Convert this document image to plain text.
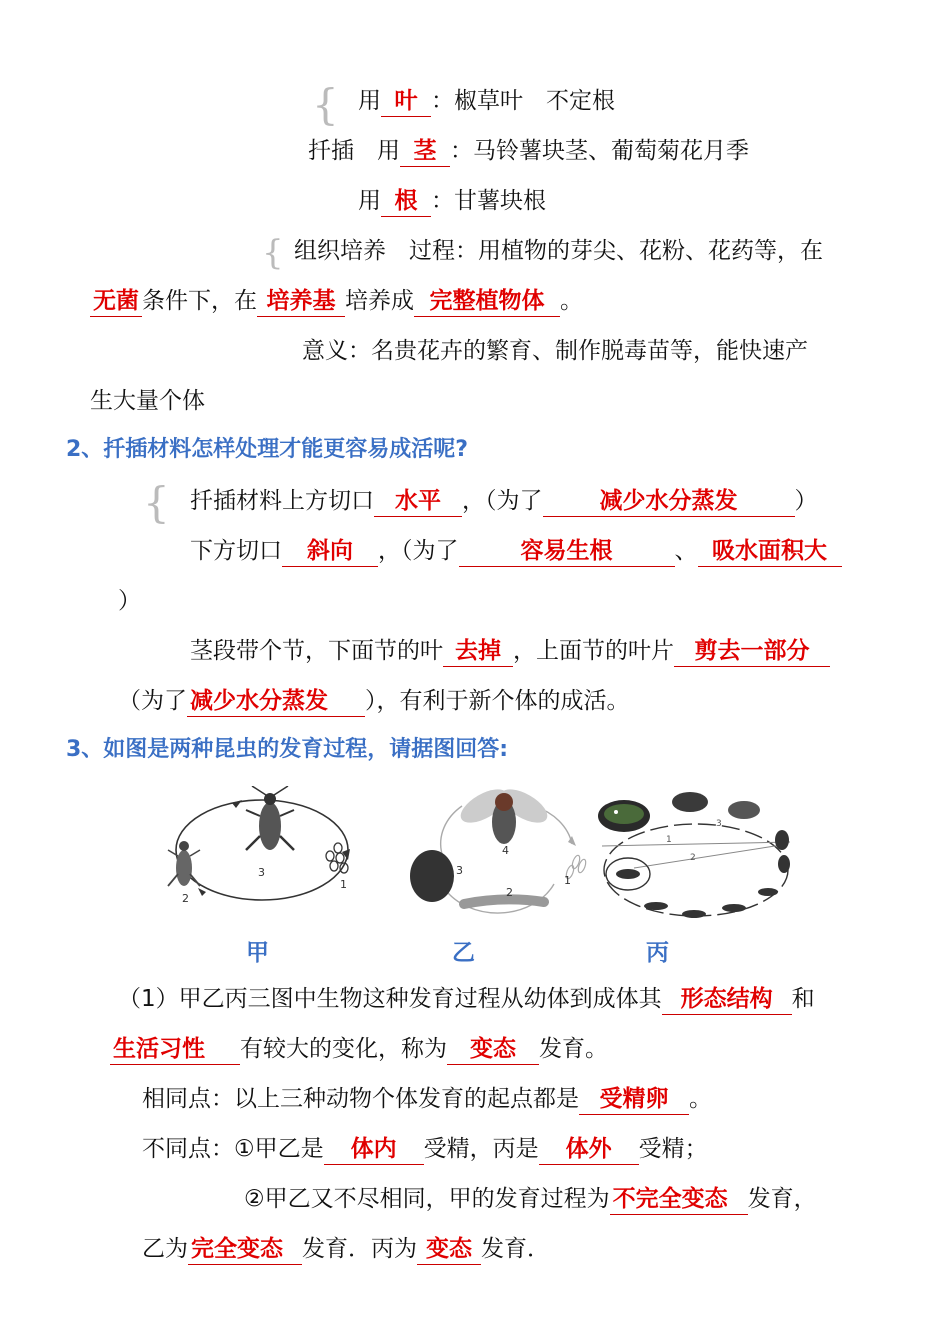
{ 用 叶 ：椒草叶　不定根
扦插　 用 茎 ：马铃薯块茎、葡萄菊花月季
用 根 ：甘薯块根
{ 组织培养　过程：用植物的芽尖、花粉、花药等，在
无菌 条件下，在 培养基 培养成 完整植物体 。
意义：名贵花卉的繁育、制作脱毒苗等，能快速产
生大量个体
2、扦插材料怎样处理才能更容易成活呢?
{ 扦插材料上方切口 水平 ，（为了 减少水分蒸发 ）
下方切口 斜向 ，（为了	容易生根	、 吸水面积大
）
茎段带个节，下面节的叶 去掉 ，上面节的叶片 剪去一部分
（为了 减少水分蒸发 ），有利于新个体的成活。
3、如图是两种昆虫的发育过程，请据图回答:
1
2
3
1
2
3
4
1
2
3
甲	乙	丙
（1）甲乙丙三图中生物这种发育过程从幼体到成体其 形态结构 和
生活习性 有较大的变化，称为 变态 发育。
相同点：以上三种动物个体发育的起点都是 受精卵 。
不同点：①甲乙是 体内 受精，丙是 体外 受精；
②甲乙又不尽相同，甲的发育过程为 不完全变态 发育，
乙为 完全变态 发育．丙为 变态 发育．
